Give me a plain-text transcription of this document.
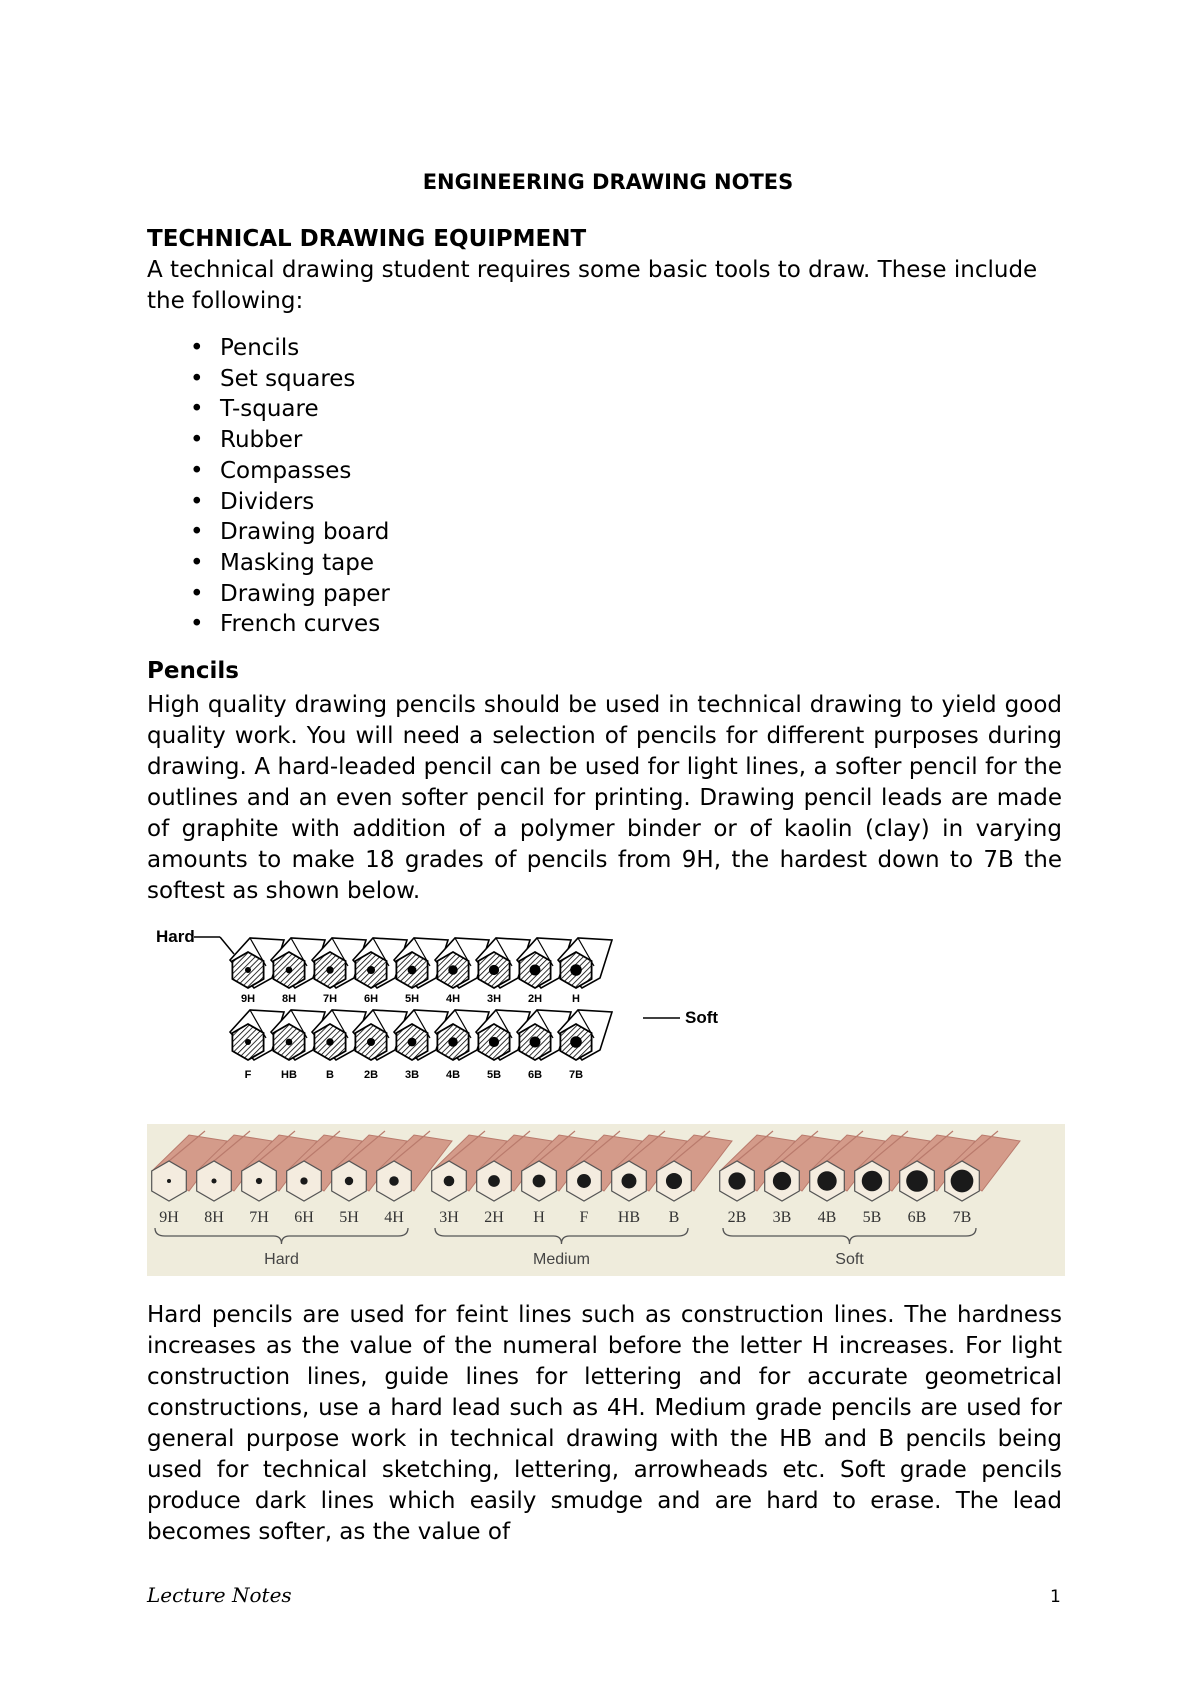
ENGINEERING DRAWING NOTES
TECHNICAL DRAWING EQUIPMENT
A technical drawing student requires some basic tools to draw. These include the following:
• Pencils
• Set squares
• T-square
• Rubber
• Compasses
• Dividers
• Drawing board
• Masking tape
• Drawing paper
• French curves
Pencils
High quality drawing pencils should be used in technical drawing to yield good quality work. You will need a selection of pencils for different purposes during drawing. A hard-leaded pencil can be used for light lines, a softer pencil for the outlines and an even softer pencil for printing. Drawing pencil leads are made of graphite with addition of a polymer binder or of kaolin (clay) in varying amounts to make 18 grades of pencils from 9H, the hardest down to 7B the softest as shown below.
Hard
Soft
9H 8H 7H 6H 5H 4H 3H 2H	H
F	HB	B	2B 3B 4B 5B 6B 7B
9H 8H 7H 6H 5H 4H 3H 2H H F HB B	2B 3B 4B 5B 6B 7B
Hard	Medium	Soft
Hard pencils are used for feint lines such as construction lines. The hardness increases as the value of the numeral before the letter H increases. For light construction lines, guide lines for lettering and for accurate geometrical constructions, use a hard lead such as 4H. Medium grade pencils are used for general purpose work in technical drawing with the HB and B pencils being used for technical sketching, lettering, arrowheads etc. Soft grade pencils produce dark lines which easily smudge and are hard to erase. The lead becomes softer, as the value of
Lecture Notes	1
